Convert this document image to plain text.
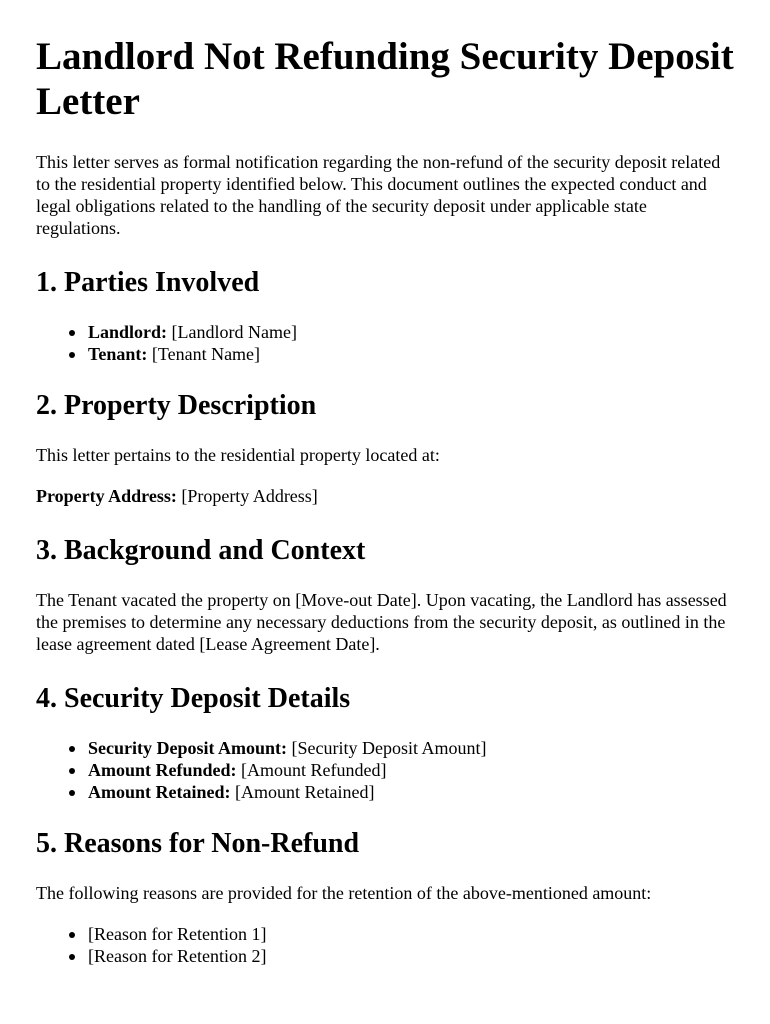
Landlord Not Refunding Security Deposit Letter

This letter serves as formal notification regarding the non-refund of the security deposit related to the residential property identified below. This document outlines the expected conduct and legal obligations related to the handling of the security deposit under applicable state regulations.

1. Parties Involved
Landlord: [Landlord Name]
Tenant: [Tenant Name]
2. Property Description

This letter pertains to the residential property located at:

Property Address: [Property Address]

3. Background and Context

The Tenant vacated the property on [Move-out Date]. Upon vacating, the Landlord has assessed the premises to determine any necessary deductions from the security deposit, as outlined in the lease agreement dated [Lease Agreement Date].

4. Security Deposit Details
Security Deposit Amount: [Security Deposit Amount]
Amount Refunded: [Amount Refunded]
Amount Retained: [Amount Retained]
5. Reasons for Non-Refund

The following reasons are provided for the retention of the above-mentioned amount:

[Reason for Retention 1]
[Reason for Retention 2]
